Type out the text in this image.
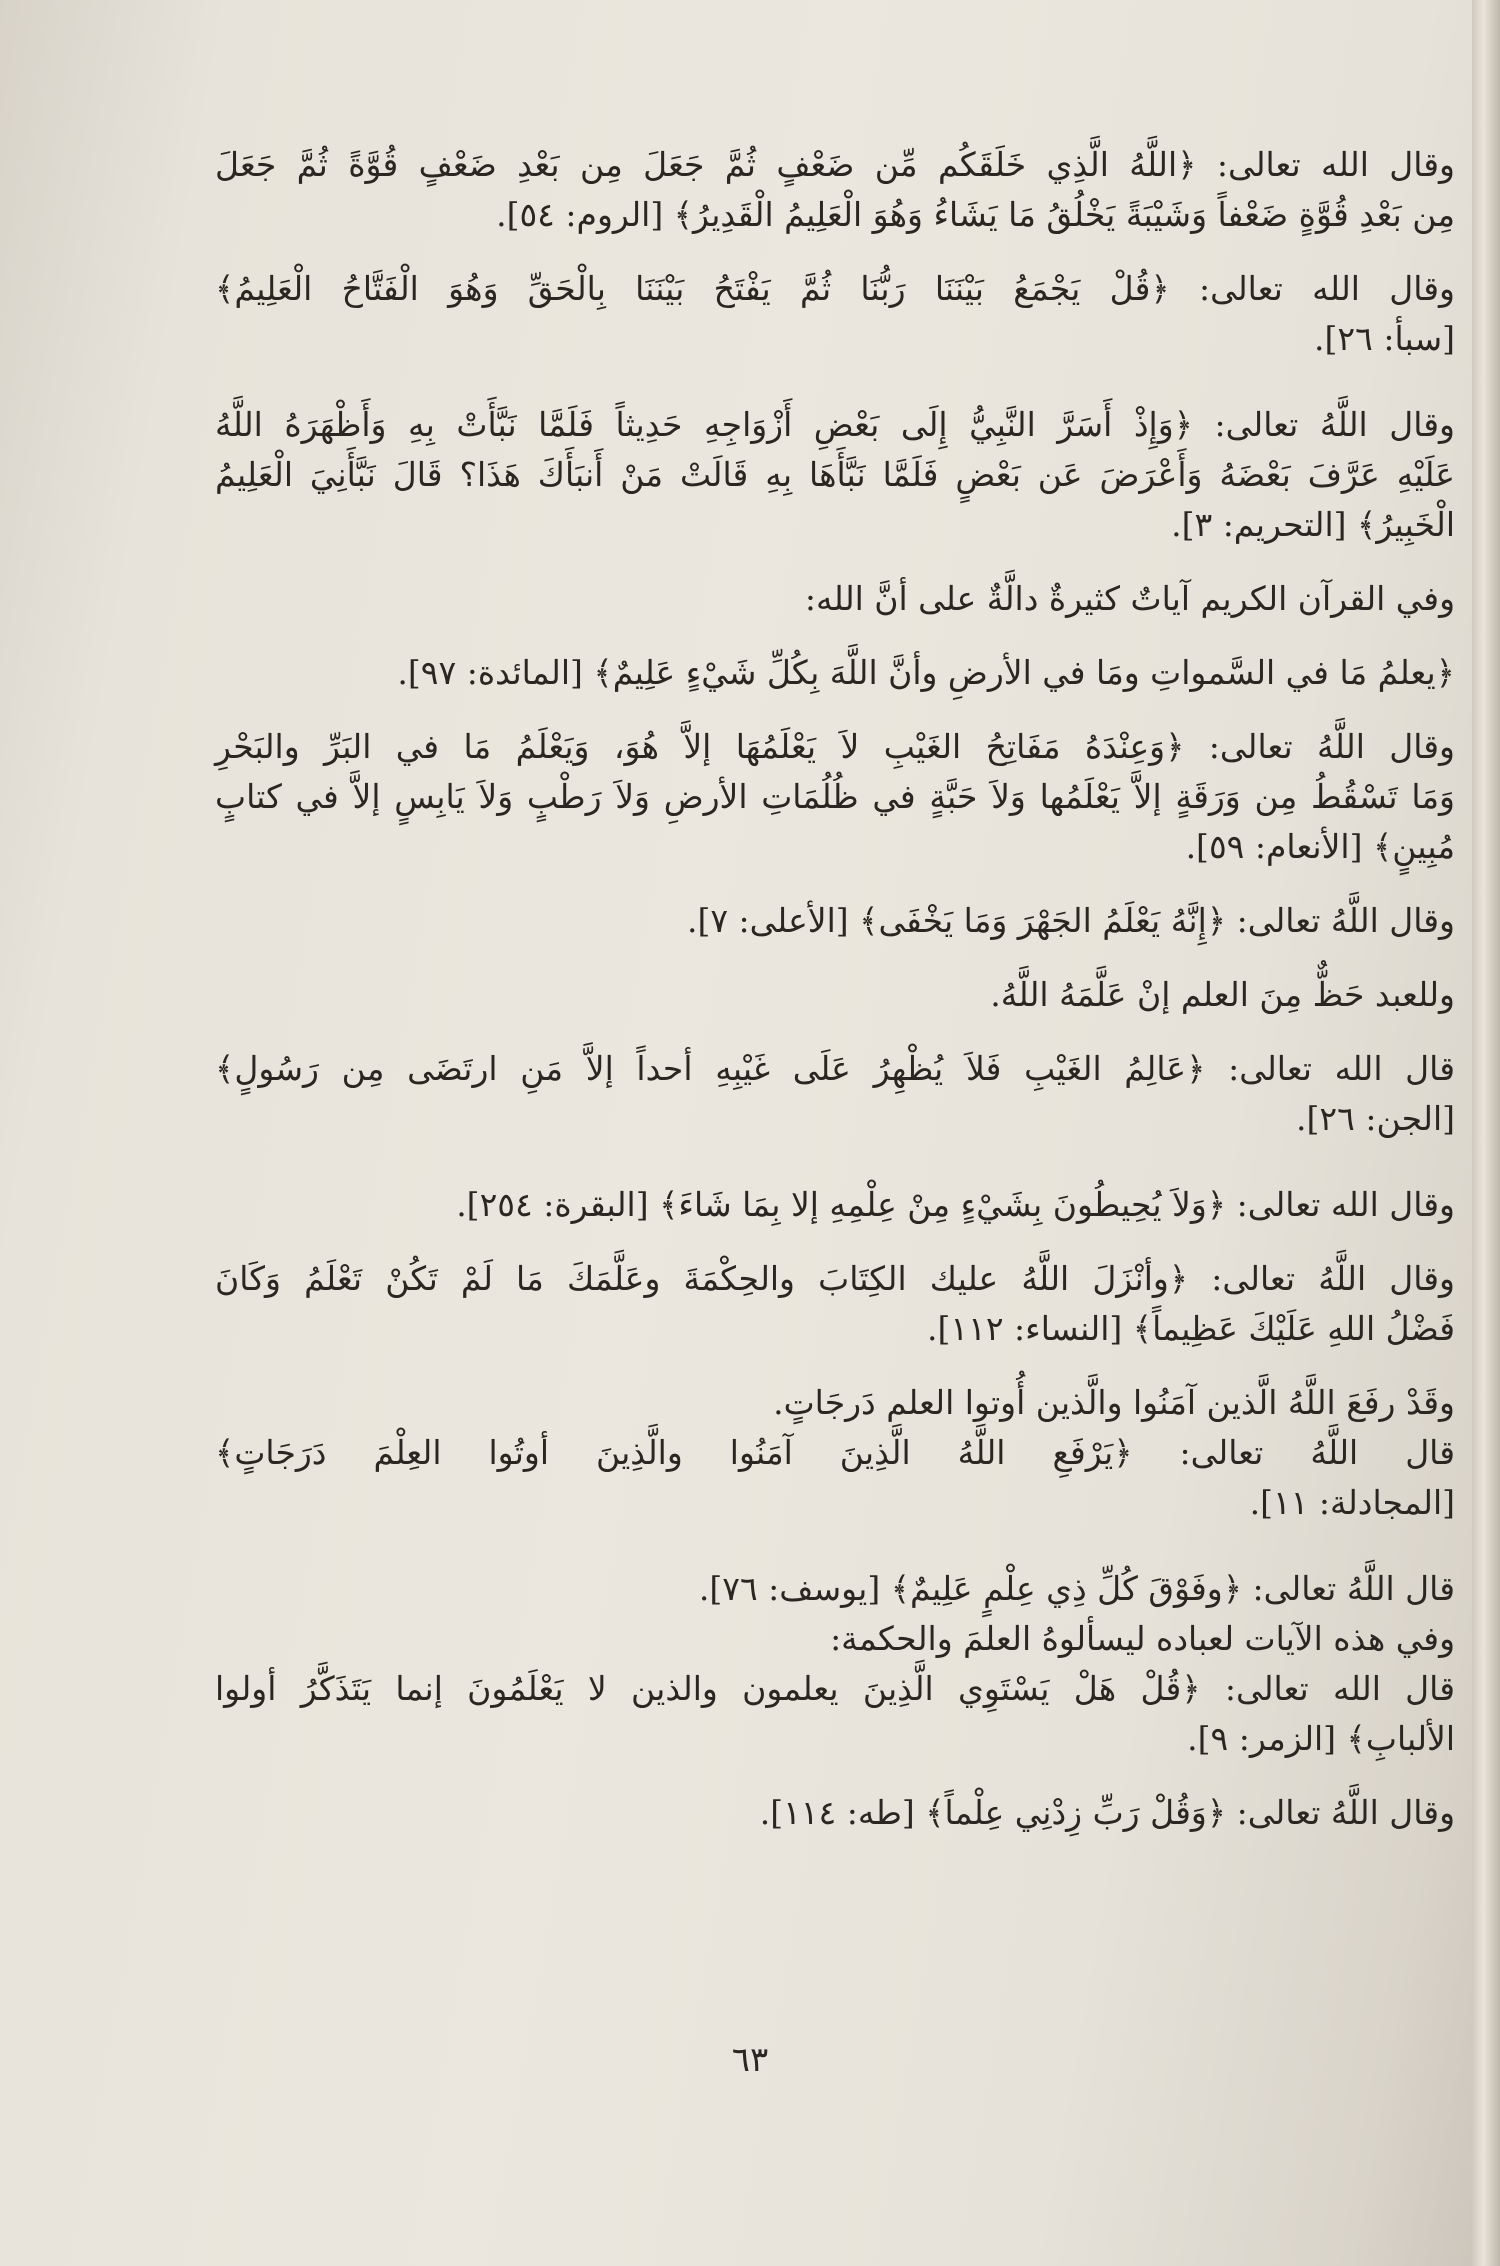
وقال الله تعالى: ﴿اللَّهُ الَّذِي خَلَقَكُم مِّن ضَعْفٍ ثُمَّ جَعَلَ مِن بَعْدِ ضَعْفٍ قُوَّةً ثُمَّ جَعَلَ
مِن بَعْدِ قُوَّةٍ ضَعْفاً وَشَيْبَةً يَخْلُقُ مَا يَشَاءُ وَهُوَ الْعَلِيمُ الْقَدِيرُ﴾ [الروم: ٥٤].
وقال الله تعالى: ﴿قُلْ يَجْمَعُ بَيْنَنَا رَبُّنَا ثُمَّ يَفْتَحُ بَيْنَنَا بِالْحَقِّ وَهُوَ الْفَتَّاحُ الْعَلِيمُ﴾
[سبأ: ٢٦].
وقال اللَّهُ تعالى: ﴿وَإِذْ أَسَرَّ النَّبِيُّ إِلَى بَعْضِ أَزْوَاجِهِ حَدِيثاً فَلَمَّا نَبَّأَتْ بِهِ وَأَظْهَرَهُ اللَّهُ
عَلَيْهِ عَرَّفَ بَعْضَهُ وَأَعْرَضَ عَن بَعْضٍ فَلَمَّا نَبَّأَهَا بِهِ قَالَتْ مَنْ أَنبَأَكَ هَذَا؟ قَالَ نَبَّأَنِيَ الْعَلِيمُ
الْخَبِيرُ﴾ [التحريم: ٣].
وفي القرآن الكريم آياتٌ كثيرةٌ دالَّةٌ على أنَّ الله:
﴿يعلمُ مَا في السَّمواتِ ومَا في الأرضِ وأنَّ اللَّهَ بِكُلِّ شَيْءٍ عَلِيمٌ﴾ [المائدة: ٩٧].
وقال اللَّهُ تعالى: ﴿وَعِنْدَهُ مَفَاتِحُ الغَيْبِ لاَ يَعْلَمُهَا إلاَّ هُوَ، وَيَعْلَمُ مَا في البَرِّ والبَحْرِ
وَمَا تَسْقُطُ مِن وَرَقَةٍ إلاَّ يَعْلَمُها وَلاَ حَبَّةٍ في ظُلُمَاتِ الأرضِ وَلاَ رَطْبٍ وَلاَ يَابِسٍ إلاَّ في كتابٍ
مُبِينٍ﴾ [الأنعام: ٥٩].
وقال اللَّهُ تعالى: ﴿إِنَّهُ يَعْلَمُ الجَهْرَ وَمَا يَخْفَى﴾ [الأعلى: ٧].
وللعبد حَظٌّ مِنَ العلم إنْ عَلَّمَهُ اللَّهُ.
قال الله تعالى: ﴿عَالِمُ الغَيْبِ فَلاَ يُظْهِرُ عَلَى غَيْبِهِ أحداً إلاَّ مَنِ ارتَضَى مِن رَسُولٍ﴾
[الجن: ٢٦].
وقال الله تعالى: ﴿وَلاَ يُحِيطُونَ بِشَيْءٍ مِنْ عِلْمِهِ إلا بِمَا شَاءَ﴾ [البقرة: ٢٥٤].
وقال اللَّهُ تعالى: ﴿وأنْزَلَ اللَّهُ عليك الكِتَابَ والحِكْمَةَ وعَلَّمَكَ مَا لَمْ تَكُنْ تَعْلَمُ وَكَانَ
فَضْلُ اللهِ عَلَيْكَ عَظِيماً﴾ [النساء: ١١٢].
وقَدْ رفَعَ اللَّهُ الَّذين آمَنُوا والَّذين أُوتوا العلم دَرجَاتٍ.
قال اللَّهُ تعالى: ﴿يَرْفَعِ اللَّهُ الَّذِينَ آمَنُوا والَّذِينَ أوتُوا العِلْمَ دَرَجَاتٍ﴾
[المجادلة: ١١].
قال اللَّهُ تعالى: ﴿وفَوْقَ كُلِّ ذِي عِلْمٍ عَلِيمٌ﴾ [يوسف: ٧٦].
وفي هذه الآيات لعباده ليسألوهُ العلمَ والحكمة:
قال الله تعالى: ﴿قُلْ هَلْ يَسْتَوِي الَّذِينَ يعلمون والذين لا يَعْلَمُونَ إنما يَتَذَكَّرُ أولوا
الألبابِ﴾ [الزمر: ٩].
وقال اللَّهُ تعالى: ﴿وَقُلْ رَبِّ زِدْنِي عِلْماً﴾ [طه: ١١٤].
٦٣
